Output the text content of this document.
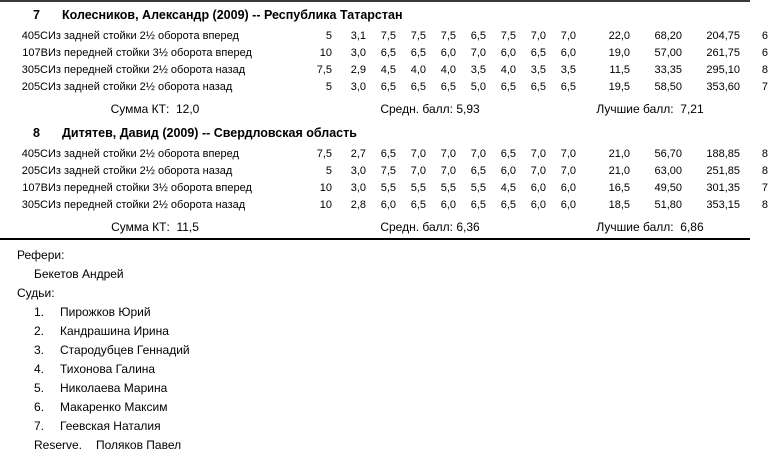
7	Колесников, Александр (2009) -- Республика Татарстан
405C	Из задней стойки 2½ оборота вперед	5	3,1	7,5	7,5	7,5	6,5	7,5	7,0	7,0		22,0	68,20	204,75	6
107B	Из передней стойки 3½ оборота вперед	10	3,0	6,5	6,5	6,0	7,0	6,0	6,5	6,0		19,0	57,00	261,75	6
305C	Из передней стойки 2½ оборота назад	7,5	2,9	4,5	4,0	4,0	3,5	4,0	3,5	3,5		11,5	33,35	295,10	8
205C	Из задней стойки 2½ оборота назад	5	3,0	6,5	6,5	6,5	5,0	6,5	6,5	6,5		19,5	58,50	353,60	7
Сумма КТ: 12,0	Средн. балл: 5,93	Лучшие балл: 7,21
8	Дитятев, Давид (2009) -- Свердловская область
405C	Из задней стойки 2½ оборота вперед	7,5	2,7	6,5	7,0	7,0	7,0	6,5	7,0	7,0		21,0	56,70	188,85	8
205C	Из задней стойки 2½ оборота назад	5	3,0	7,5	7,0	7,0	6,5	6,0	7,0	7,0		21,0	63,00	251,85	8
107B	Из передней стойки 3½ оборота вперед	10	3,0	5,5	5,5	5,5	5,5	4,5	6,0	6,0		16,5	49,50	301,35	7
305C	Из передней стойки 2½ оборота назад	10	2,8	6,0	6,5	6,0	6,5	6,5	6,0	6,0		18,5	51,80	353,15	8
Сумма КТ: 11,5	Средн. балл: 6,36	Лучшие балл: 6,86
Рефери:
Бекетов Андрей
Судьи:
1.	Пирожков Юрий
2.	Кандрашина Ирина
3.	Стародубцев Геннадий
4.	Тихонова Галина
5.	Николаева Марина
6.	Макаренко Максим
7.	Геевская Наталия
Reserve.	Поляков Павел
